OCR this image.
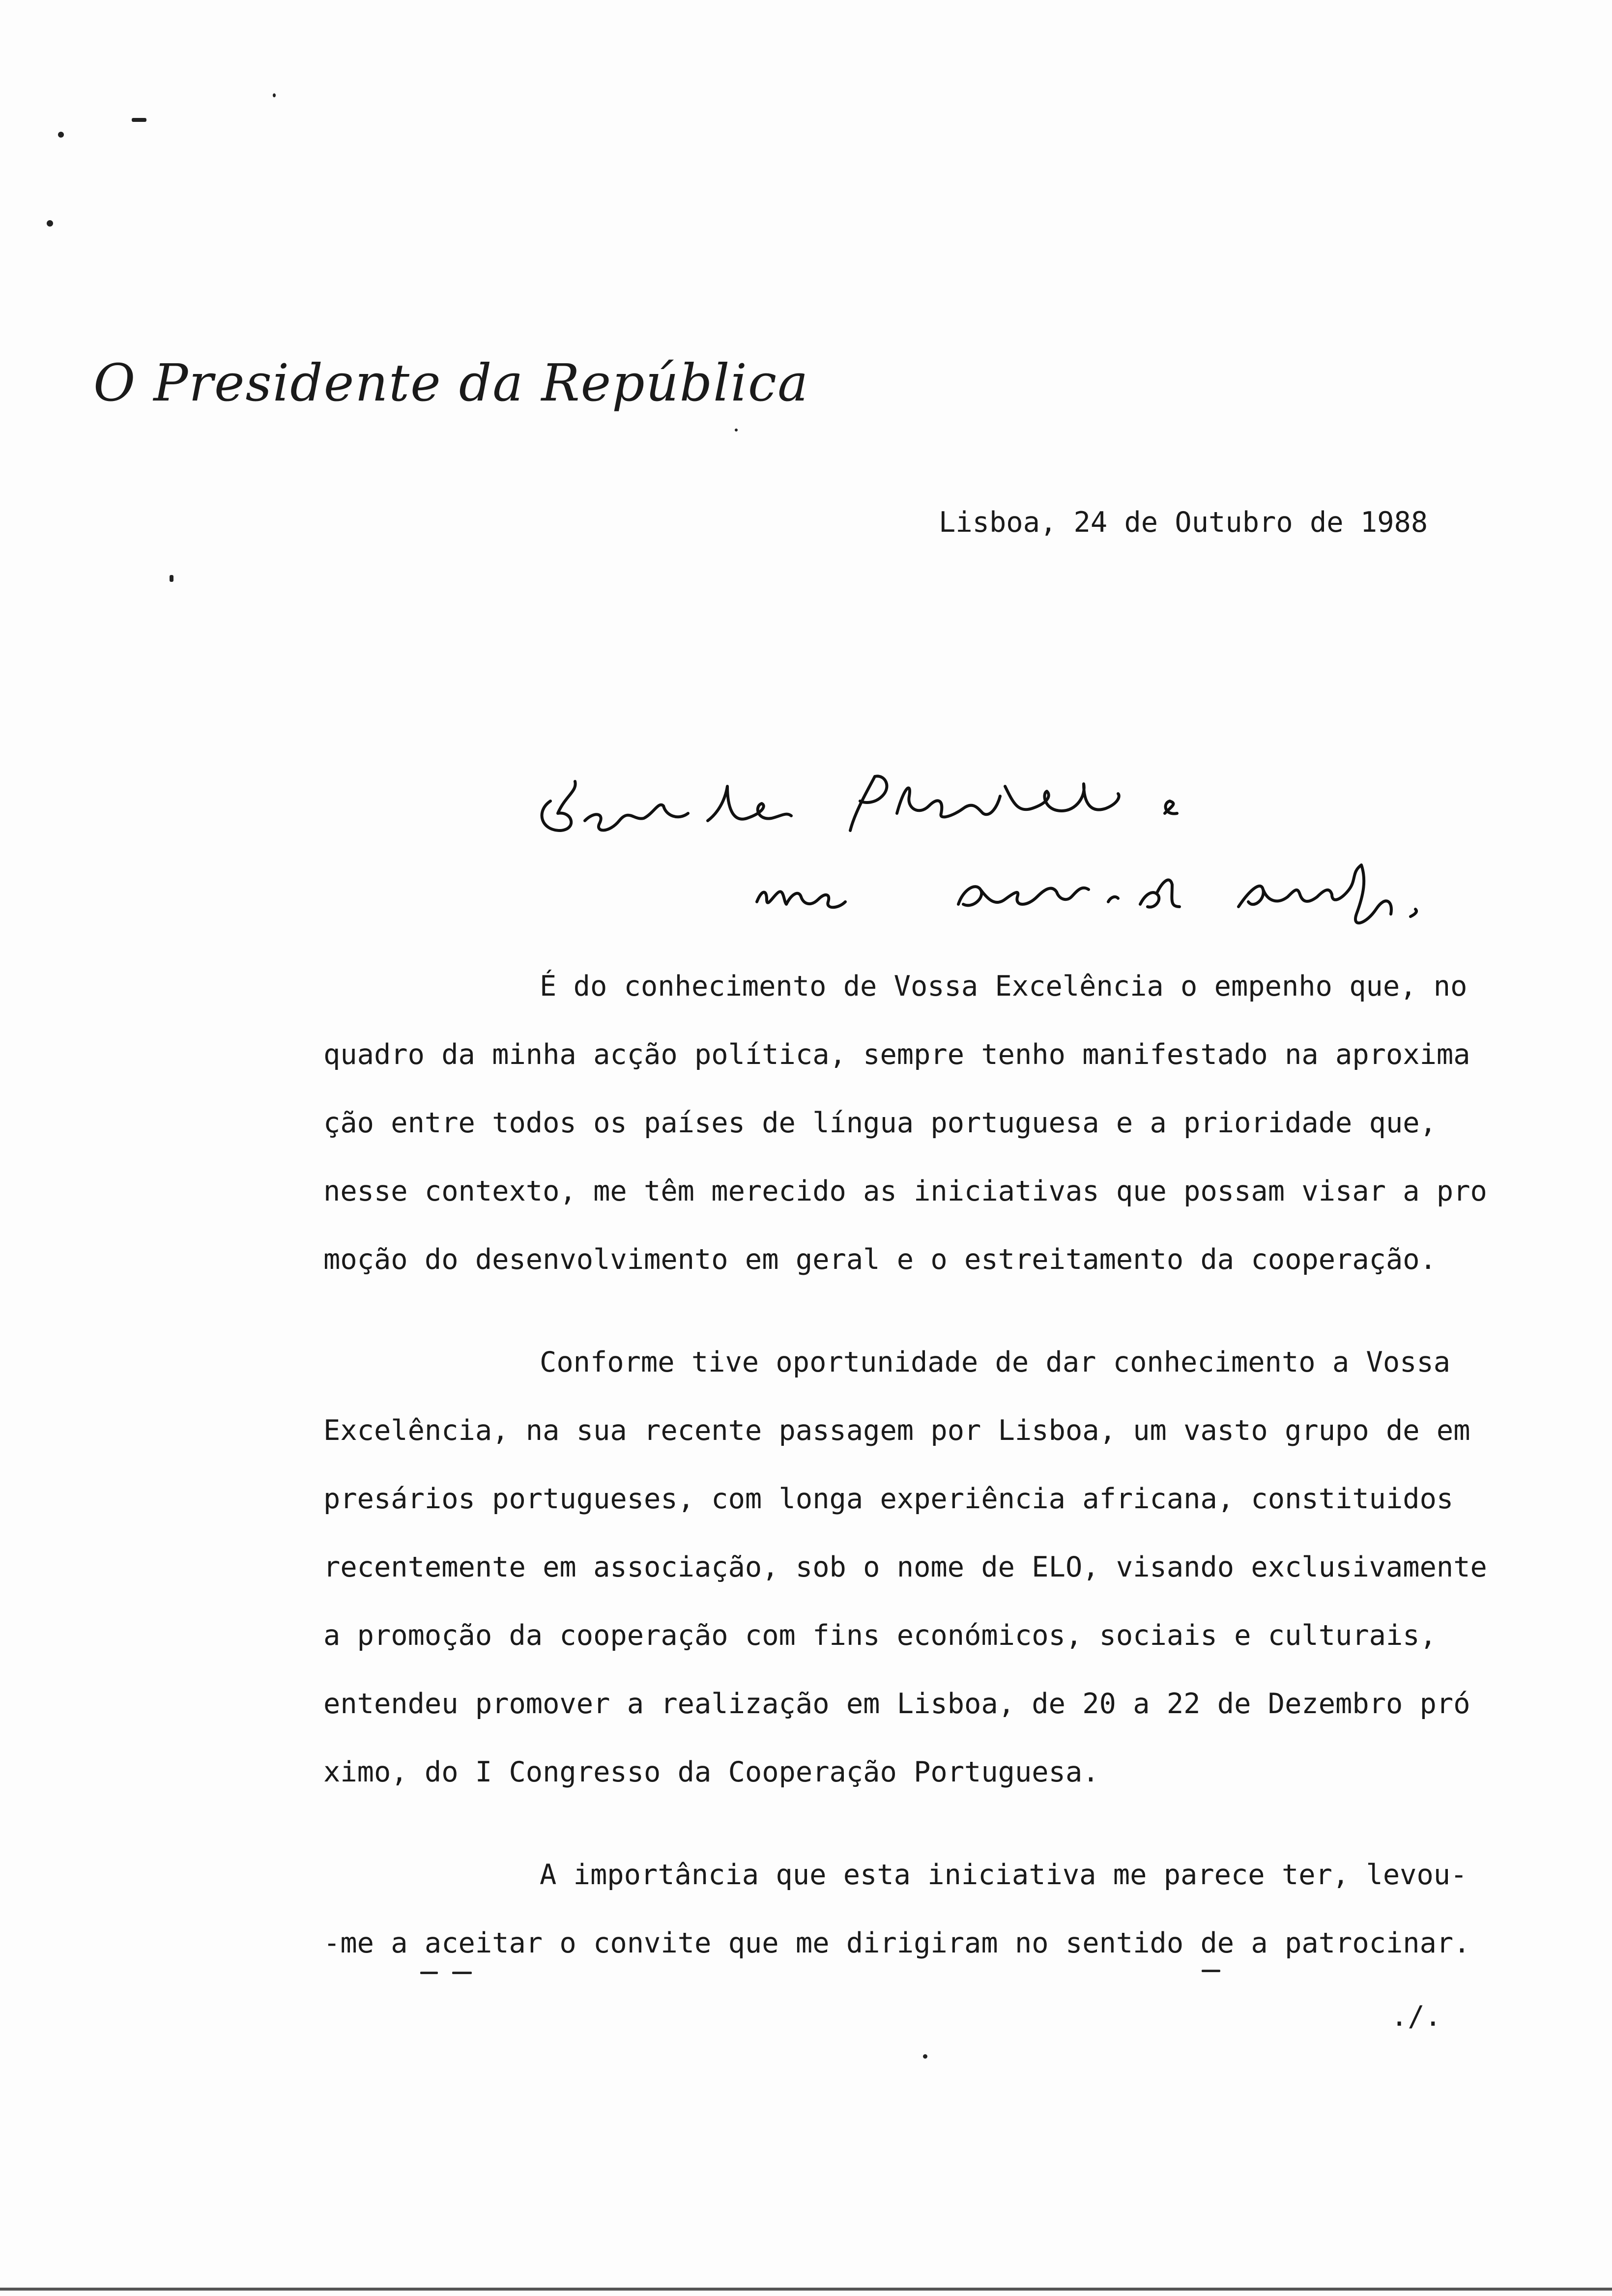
O Presidente da República
Lisboa, 24 de Outubro de 1988
Senhor Presidente e meu caro Amigo,
É do conhecimento de Vossa Excelência o empenho que, no
quadro da minha acção política, sempre tenho manifestado na aproxima
ção entre todos os países de língua portuguesa e a prioridade que,
nesse contexto, me têm merecido as iniciativas que possam visar a pro
moção do desenvolvimento em geral e o estreitamento da cooperação.
Conforme tive oportunidade de dar conhecimento a Vossa
Excelência, na sua recente passagem por Lisboa, um vasto grupo de em
presários portugueses, com longa experiência africana, constituidos
recentemente em associação, sob o nome de ELO, visando exclusivamente
a promoção da cooperação com fins económicos, sociais e culturais,
entendeu promover a realização em Lisboa, de 20 a 22 de Dezembro pró
ximo, do I Congresso da Cooperação Portuguesa.
A importância que esta iniciativa me parece ter, levou-
-me a aceitar o convite que me dirigiram no sentido de a patrocinar.
./.
